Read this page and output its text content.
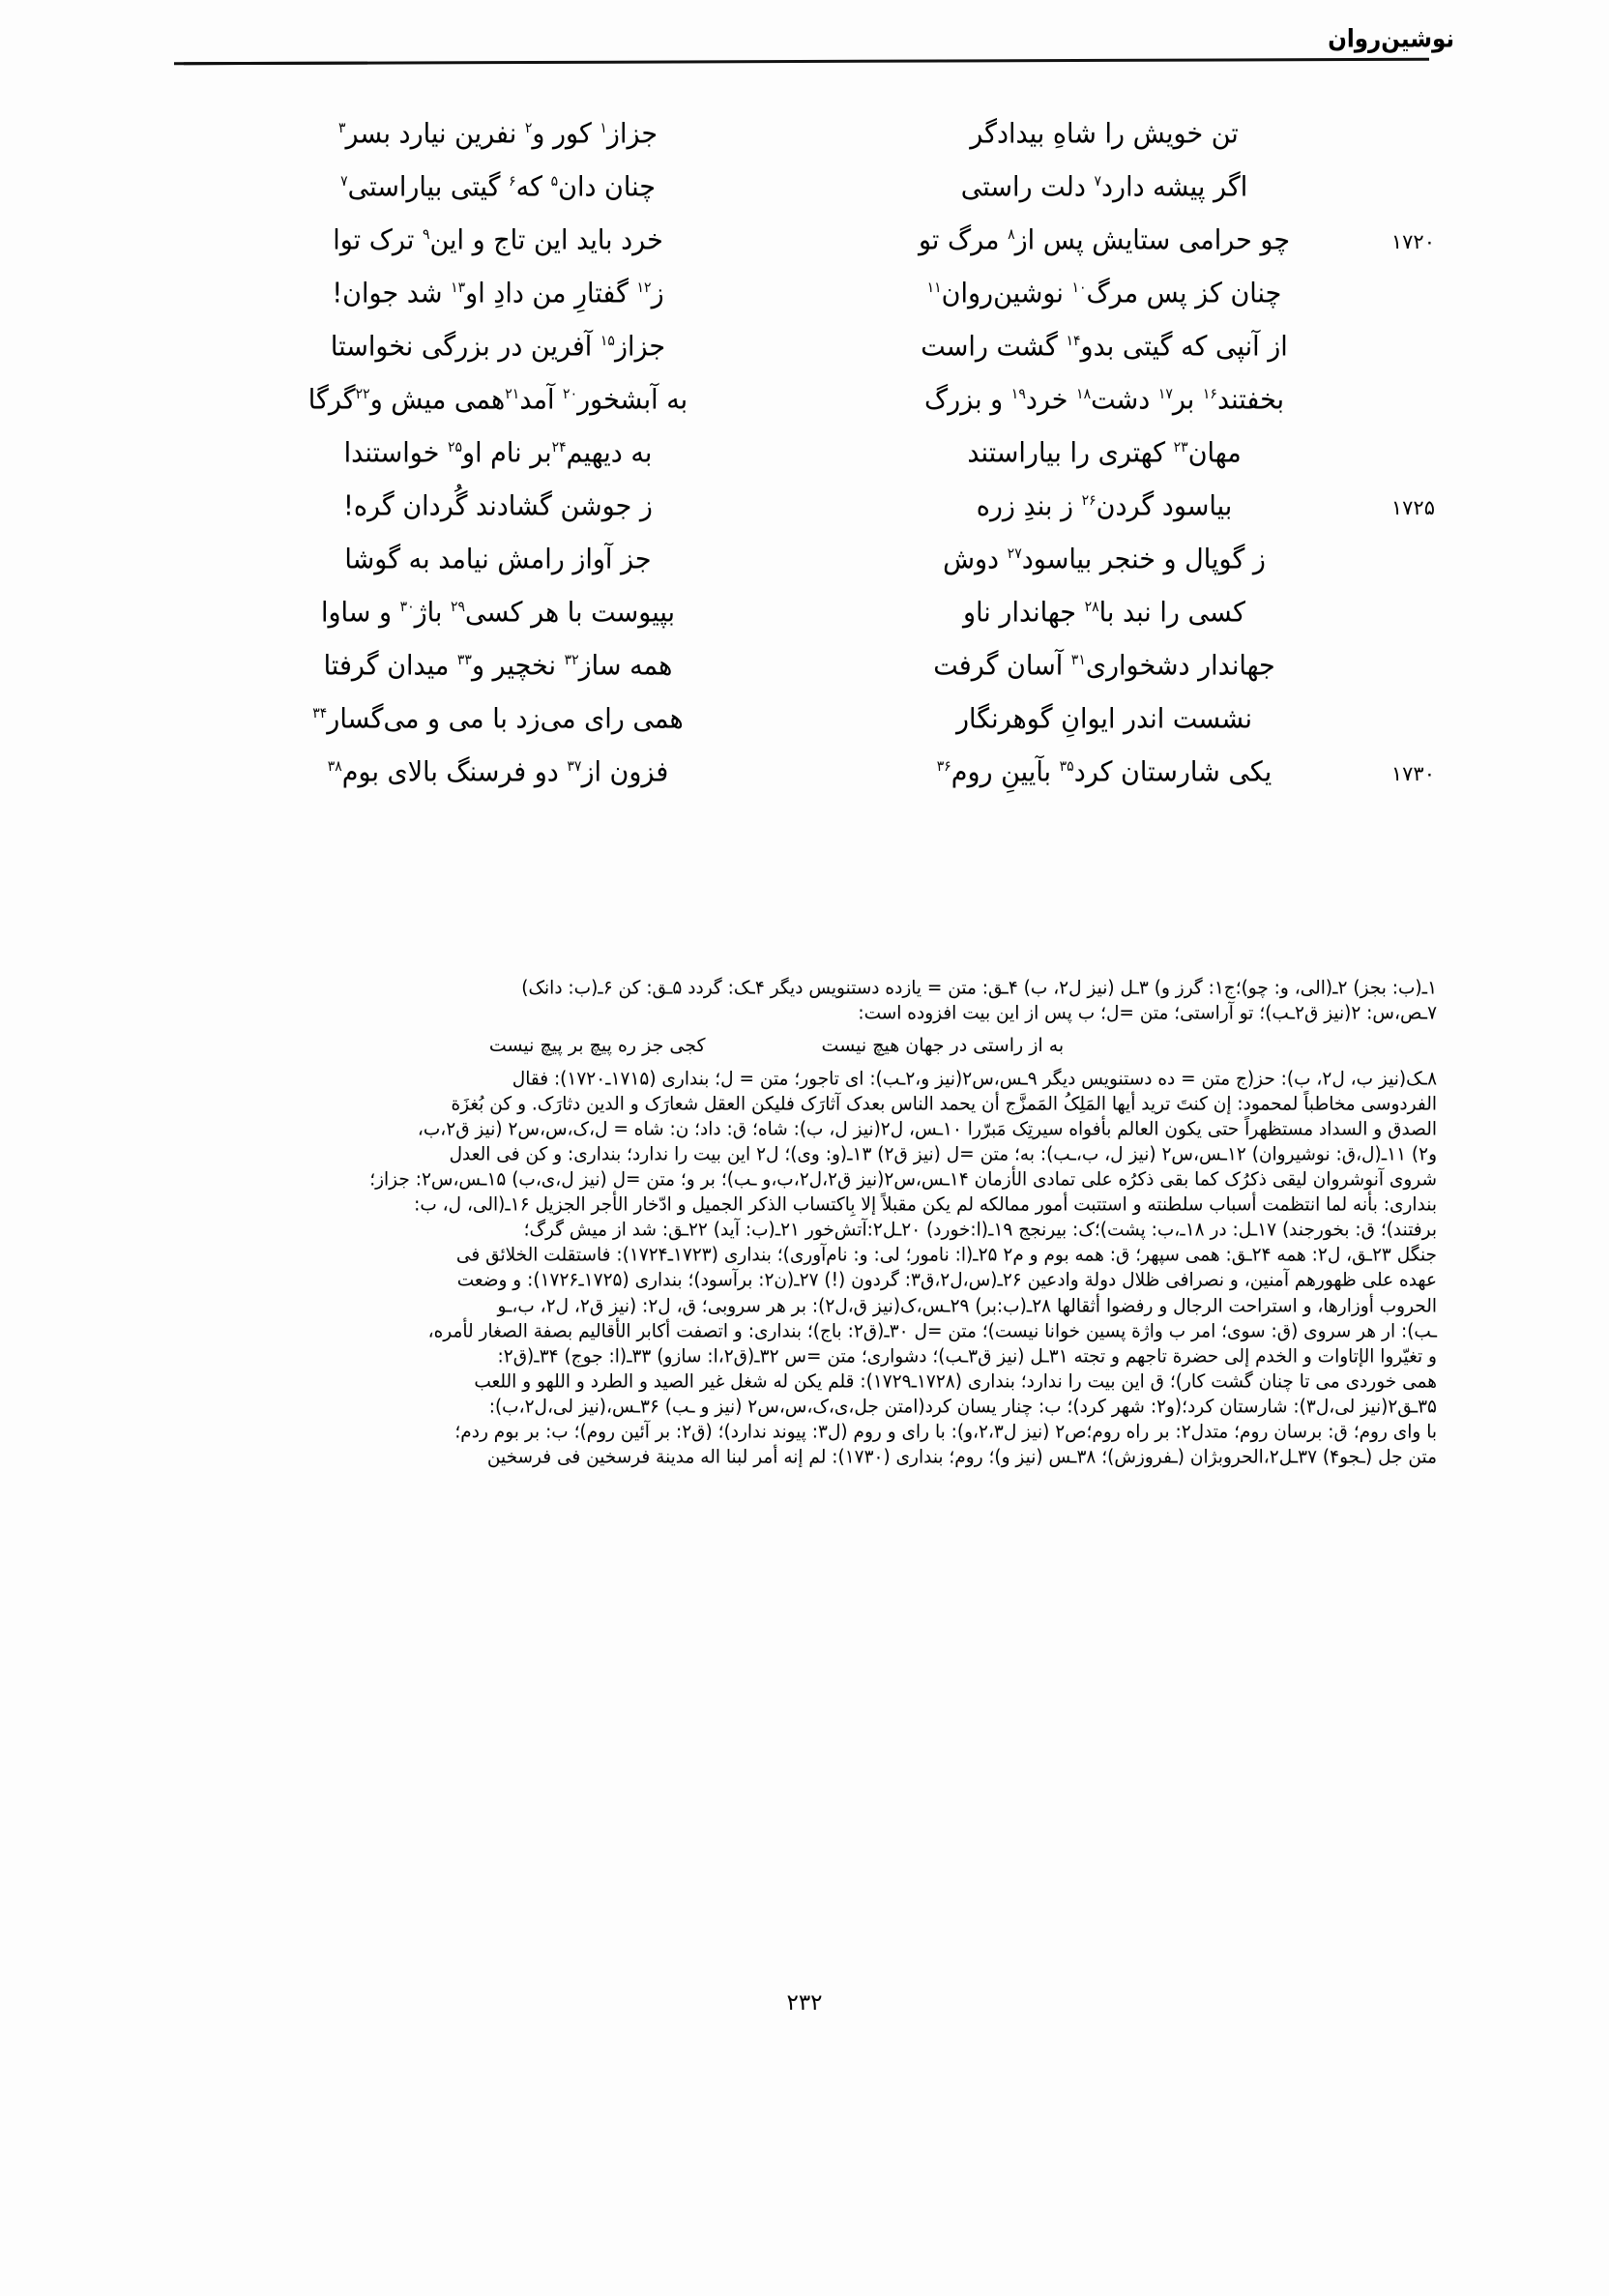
نوشین‌روان
تن خویش را شاهِ بیدادگر
جزاز$^۱$ کور و$^۲$ نفرین نیارد بسر$^۳$
اگر پیشه دارد$^۷$ دلت راستی
چنان دان$^۵$ که$^۶$ گیتی بیاراستی$^۷$
۱۷۲۰
چو حرامی ستایش پس از$^۸$ مرگ تو
خرد باید این تاج و این$^۹$ ترک توا
چنان کز پس مرگ$^{۱۰}$ نوشین‌روان$^{۱۱}$
ز$^{۱۲}$ گفتارِ من دادِ او$^{۱۳}$ شد جوان!
از آنپی که گیتی بدو$^{۱۴}$ گشت راست
جزاز$^{۱۵}$ آفرین در بزرگی نخواستا
بخفتند$^{۱۶}$ بر$^{۱۷}$ دشت$^{۱۸}$ خرد$^{۱۹}$ و بزرگ
به آبشخور$^{۲۰}$ آمد$^{۲۱}$همی میش و$^{۲۲}$گرگا
مهان$^{۲۳}$ کهتری را بیاراستند
به دیهیم$^{۲۴}$بر نام او$^{۲۵}$ خواستندا
۱۷۲۵
بیاسود گردن$^{۲۶}$ ز بندِ زره
ز جوشن گشادند گُردان گره!
ز گوپال و خنجر بیاسود$^{۲۷}$ دوش
جز آواز رامش نیامد به گوشا
کسی را نبد با$^{۲۸}$ جهاندار ناو
بپیوست با هر کسی$^{۲۹}$ باژ$^{۳۰}$ و ساوا
جهاندار دشخواری$^{۳۱}$ آسان گرفت
همه ساز$^{۳۲}$ نخچیر و$^{۳۳}$ میدان گرفتا
نشست اندر ایوانِ گوهرنگار
همی رای می‌زد با می و می‌گسار$^{۳۴}$
۱۷۳۰
یکی شارستان کرد$^{۳۵}$ بآیینِ روم$^{۳۶}$
فزون از$^{۳۷}$ دو فرسنگ بالای بوم$^{۳۸}$
۱ـ(ب: بجز) ۲ـ(الی، و: چو)؛ج۱: گرز و) ۳ـل (نیز ل۲، ب) ۴ـق: متن = یازده دستنویس دیگر ۴ـک: گردد ۵ـق: کن ۶ـ(ب: دانک)
۷ـص،س: ۲(نیز ق۲ـب)؛ تو آراستی؛ متن =ل؛ ب پس از این بیت افزوده است:
به از راستی در جهان هیچ نیست
کجی جز ره پیچ بر پیچ نیست
۸ـک(نیز ب، ل۲، ب): حز(ج متن = ده دستنویس دیگر ۹ـس،س۲(نیز و،۲ـب): ای تاجور؛ متن = ل؛ بنداری (۱۷۱۵ـ۱۷۲۰): فقال
الفردوسی مخاطباً لمحمود: إن کنتَ ترید أیها المَلِکُ المَمزَّج أن یحمد الناس بعدک آثارَک فلیکن العقل شعارَک و الدین دثارَک. و کن بُغزَة
الصدق و السداد مستظهراً حتی یکون العالم بأفواه سیرتِک مَبرّرا ۱۰ـس، ل۲(نیز ل، ب): شاه؛ ق: داد؛ ن: شاه = ل،ک،س،س۲ (نیز ق۲،ب،
و۲) ۱۱ـ(ل،ق: نوشیروان) ۱۲ـس،س۲ (نیز ل، ب،ـب): به؛ متن =ل (نیز ق۲) ۱۳ـ(و: وی)؛ ل۲ این بیت را ندارد؛ بنداری: و کن فی العدل
شروی آنوشروان لیقی ذکرُک کما بقی ذکرُه علی تمادی الأزمان ۱۴ـس،س۲(نیز ق۲،ل۲،ب،و ـب)؛ بر و؛ متن =ل (نیز ل،ی،ب) ۱۵ـس،س۲: جزاز؛
بنداری: بأنه لما انتظمت أسباب سلطنته و استتبت أمور ممالکه لم یکن مقبلاً إلا بِاکتساب الذکر الجمیل و ادّخار الأجر الجزیل ۱۶ـ(الی، ل، ب:
برفتند)؛ ق: بخورجند) ۱۷ـل: در ۱۸ـ،ب: پشت)؛ک: بیرنجج ۱۹ـ(ا:خورد) ۲۰ـل۲:آتش‌خور ۲۱ـ(ب: آید) ۲۲ـق: شد از میش گرگ؛
جنگل ۲۳ـق، ل۲: همه ۲۴ـق: همی سپهر؛ ق: همه بوم و م۲ ۲۵ـ(ا: نامور؛ لی: و: نام‌آوری)؛ بنداری (۱۷۲۳ـ۱۷۲۴): فاستقلت الخلائق فی
عهده علی ظهورهم آمنین، و نصرافی ظلال دولة وادعین ۲۶ـ(س،ل۲،ق۳: گردون (!) ۲۷ـ(ن۲: برآسود)؛ بنداری (۱۷۲۵ـ۱۷۲۶): و وضعت
الحروب أوزارها، و استراحت الرجال و رفضوا أثقالها ۲۸ـ(ب:بر) ۲۹ـس،ک(نیز ق،ل۲): بر هر سروبی؛ ق، ل۲: (نیز ق۲، ل۲، ب،ـو
ـب): ار هر سروی (ق: سوی؛ امر ب واژة پسین خوانا نیست)؛ متن =ل ۳۰ـ(ق۲: باج)؛ بنداری: و اتصفت أکابر الأقالیم بصفة الصغار لأمره،
و تغیّروا الإتاوات و الخدم إلی حضرة تاجهم و تجته ۳۱ـل (نیز ق۳ـب)؛ دشواری؛ متن =س ۳۲ـ(ق۲،ا: سازو) ۳۳ـ(ا: جوج) ۳۴ـ(ق۲:
همی خوردی می تا چنان گشت کار)؛ ق این بیت را ندارد؛ بنداری (۱۷۲۸ـ۱۷۲۹): قلم یکن له شغل غیر الصید و الطرد و اللهو و اللعب
۳۵ـق۲(نیز لی،ل۳): شارستان کرد؛(و۲: شهر کرد)؛ ب: چنار یسان کرد(امتن جل،ی،ک،س،س۲ (نیز و ـب) ۳۶ـس،(نیز لی،ل۲،ب):
با وای روم؛ ق: برسان روم؛ متدل۲: بر راه روم؛ص۲ (نیز ل۲،۳،و): با رای و روم (ل۳: پیوند ندارد)؛ (ق۲: بر آئین روم)؛ ب: بر بوم ردم؛
متن جل (ـجو۴) ۳۷ـل۲،الحروبژان (ـفروزش)؛ ۳۸ـس (نیز و)؛ روم؛ بنداری (۱۷۳۰): لم إنه أمر لبنا اله مدینة فرسخین فی فرسخین
۲۳۲
